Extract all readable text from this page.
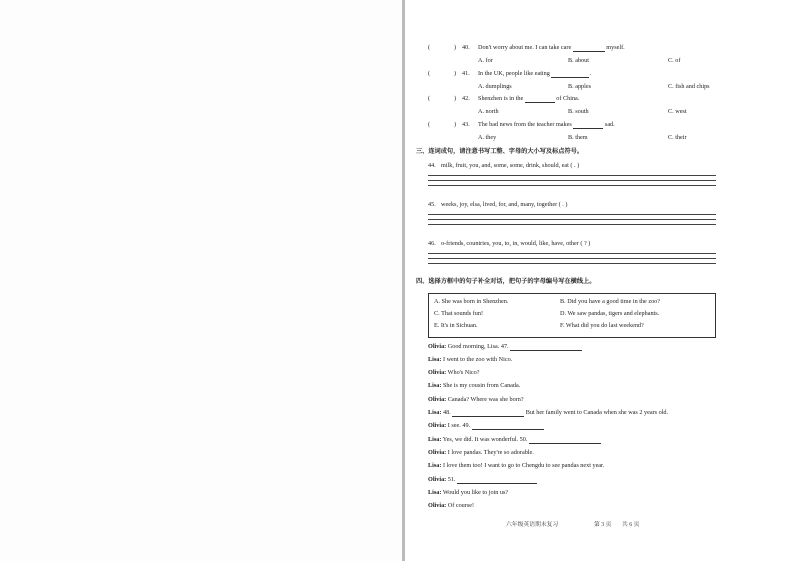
(	) 40. Don't worry about me. I can take care	myself.
A. for	B. about	C. of
(	) 41. In the UK, people like eating	.
A. dumplings	B. apples	C. fish and chips
(	) 42. Shenzhen is in the	of China.
A. north	B. south	C. west
(	) 43. The bad news from the teacher makes	sad.
A. they	B. them	C. their
三、连词成句，请注意书写工整、字母的大小写及标点符号。
44. milk, fruit, you, and, some, some, drink, should, eat ( . )
45. weeks, joy, elsa, lived, for, and, many, together ( . )
46. o-friends, countries, you, to, in, would, like, have, other ( ? )
四、选择方框中的句子补全对话，把句子的字母编号写在横线上。
A. She was born in Shenzhen.	B. Did you have a good time in the zoo?
C. That sounds fun!	D. We saw pandas, tigers and elephants.
E. It's in Sichuan.	F. What did you do last weekend?
Olivia: Good morning, Lisa. 47.
Lisa: I went to the zoo with Nico.
Olivia: Who's Nico?
Lisa: She is my cousin from Canada.
Olivia: Canada? Where was she born?
Lisa: 48.	But her family went to Canada when she was 2 years old.
Olivia: I see. 49.
Lisa: Yes, we did. It was wonderful. 50.
Olivia: I love pandas. They're so adorable.
Lisa: I love them too! I want to go to Chengdu to see pandas next year.
Olivia: 51.
Lisa: Would you like to join us?
Olivia: Of course!
六年级英语期末复习	第 3 页 共 6 页
